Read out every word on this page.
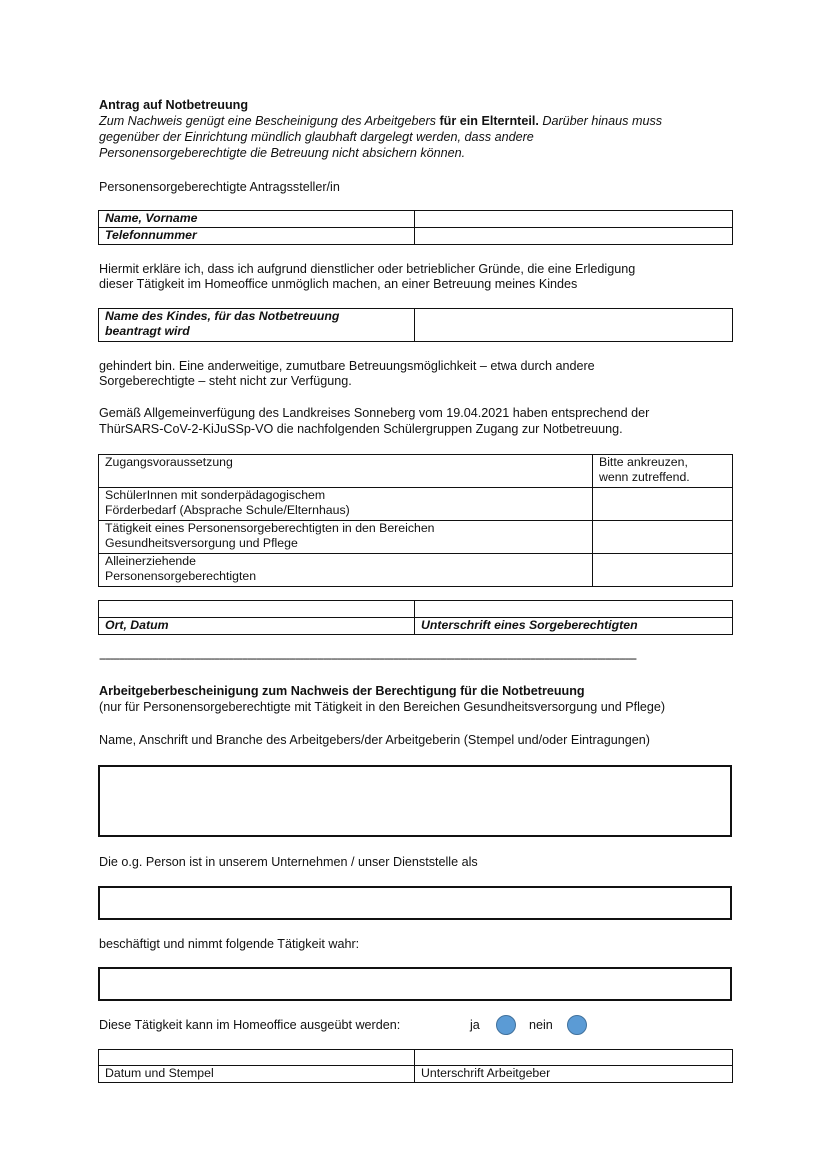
Antrag auf Notbetreuung
Zum Nachweis genügt eine Bescheinigung des Arbeitgebers für ein Elternteil. Darüber hinaus muss
gegenüber der Einrichtung mündlich glaubhaft dargelegt werden, dass andere
Personensorgeberechtigte die Betreuung nicht absichern können.
Personensorgeberechtigte Antragssteller/in
Name, Vorname	
Telefonnummer	
Hiermit erkläre ich, dass ich aufgrund dienstlicher oder betrieblicher Gründe, die eine Erledigung
dieser Tätigkeit im Homeoffice unmöglich machen, an einer Betreuung meines Kindes
Name des Kindes, für das Notbetreuung
beantragt wird

gehindert bin. Eine anderweitige, zumutbare Betreuungsmöglichkeit – etwa durch andere
Sorgeberechtigte – steht nicht zur Verfügung.
Gemäß Allgemeinverfügung des Landkreises Sonneberg vom 19.04.2021 haben entsprechend der
ThürSARS-CoV-2-KiJuSSp-VO die nachfolgenden Schülergruppen Zugang zur Notbetreuung.
Zugangsvoraussetzung	Bitte ankreuzen,
wenn zutreffend.

SchülerInnen mit sonderpädagogischem
Förderbedarf (Absprache Schule/Elternhaus)	

Tätigkeit eines Personensorgeberechtigten in den Bereichen
Gesundheitsversorgung und Pflege	

Alleinerziehende
Personensorgeberechtigten	

Ort, Datum	Unterschrift eines Sorgeberechtigten
------------------------------------------------------------------------------------------------------------------------------------------------------------------------------------------------
Arbeitgeberbescheinigung zum Nachweis der Berechtigung für die Notbetreuung
(nur für Personensorgeberechtigte mit Tätigkeit in den Bereichen Gesundheitsversorgung und Pflege)
Name, Anschrift und Branche des Arbeitgebers/der Arbeitgeberin (Stempel und/oder Eintragungen)
Die o.g. Person ist in unserem Unternehmen / unser Dienststelle als
beschäftigt und nimmt folgende Tätigkeit wahr:
Diese Tätigkeit kann im Homeoffice ausgeübt werden:	ja	nein

Datum und Stempel	Unterschrift Arbeitgeber
